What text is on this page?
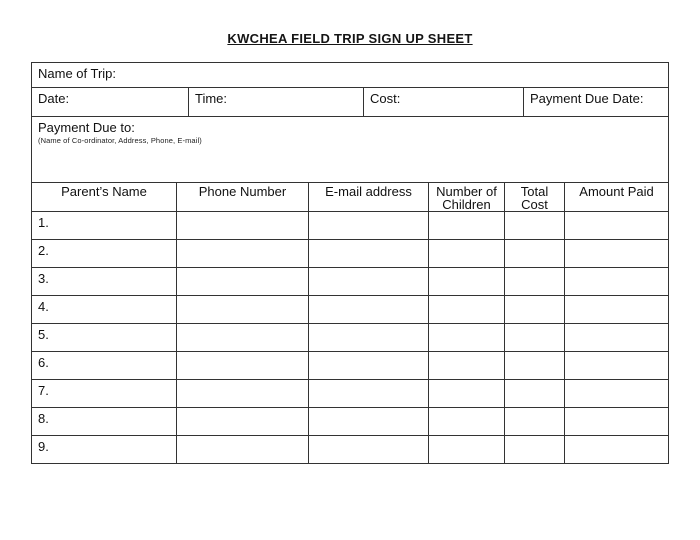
KWCHEA FIELD TRIP SIGN UP SHEET
Name of Trip:
Date:	Time:	Cost:	Payment Due Date:

Payment Due to:
(Name of Co-ordinator, Address, Phone, E-mail)
Parent’s Name	Phone Number	E-mail address	Number of Children	Total Cost	Amount Paid
1.					
2.					
3.					
4.					
5.					
6.					
7.					
8.					
9.					
